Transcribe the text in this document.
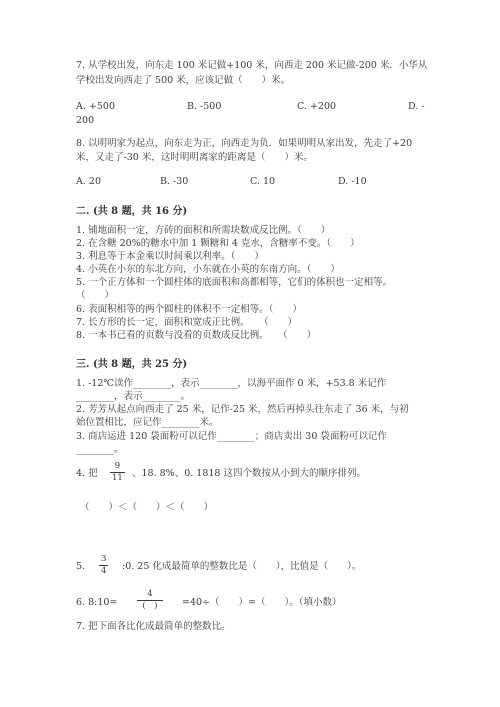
7. 从学校出发，向东走 100 米记做+100 米，向西走 200 米记做-200 米．小华从
学校出发向西走了 500 米，应该记做（　　）米。
A. +500	B. -500	C. +200	D. -
200
8. 以明明家为起点，向东走为正，向西走为负．如果明明从家出发，先走了+20
米，又走了-30 米，这时明明离家的距离是（　　）米。
A. 20	B. -30	C. 10	D. -10
二. (共 8 题，共 16 分)
1. 铺地面积一定，方砖的面积和所需块数成反比例。（　　）
2. 在含糖 20%的糖水中加 1 颗糖和 4 克水，含糖率不变。（　　）
3. 利息等于本金乘以时间乘以利率。（　　）
4. 小英在小东的东北方向，小东就在小英的东南方向。（　　）
5. 一个正方体和一个圆柱体的底面积和高都相等，它们的体积也一定相等。
（　　）
6. 表面积相等的两个圆柱的体积不一定相等。（　　）
7. 长方形的长一定，面积和宽成正比例。　　（　　）
8. 一本书已看的页数与没看的页数成反比例。　　（　　）
三. (共 8 题，共 25 分)
1. -12℃读作________，表示________，以海平面作 0 米，+53.8 米记作
________，表示________。
2. 芳芳从起点向西走了 25 米，记作-25 米，然后再掉头往东走了 36 米，与初
始位置相比，应记作________米。
3. 商店运进 120 袋面粉可以记作________；商店卖出 30 袋面粉可以记作
________。
4. 把
9
11 、18. 8%、0. 1818 这四个数按从小到大的顺序排列。
（　　）＜（　　）＜（　　）
5.
3
4 :0. 25 化成最简单的整数比是（　　），比值是（　　）。
6. 8:10=
4
(　)	=40÷（　　）=（　　）。（填小数）
7. 把下面各比化成最简单的整数比。
